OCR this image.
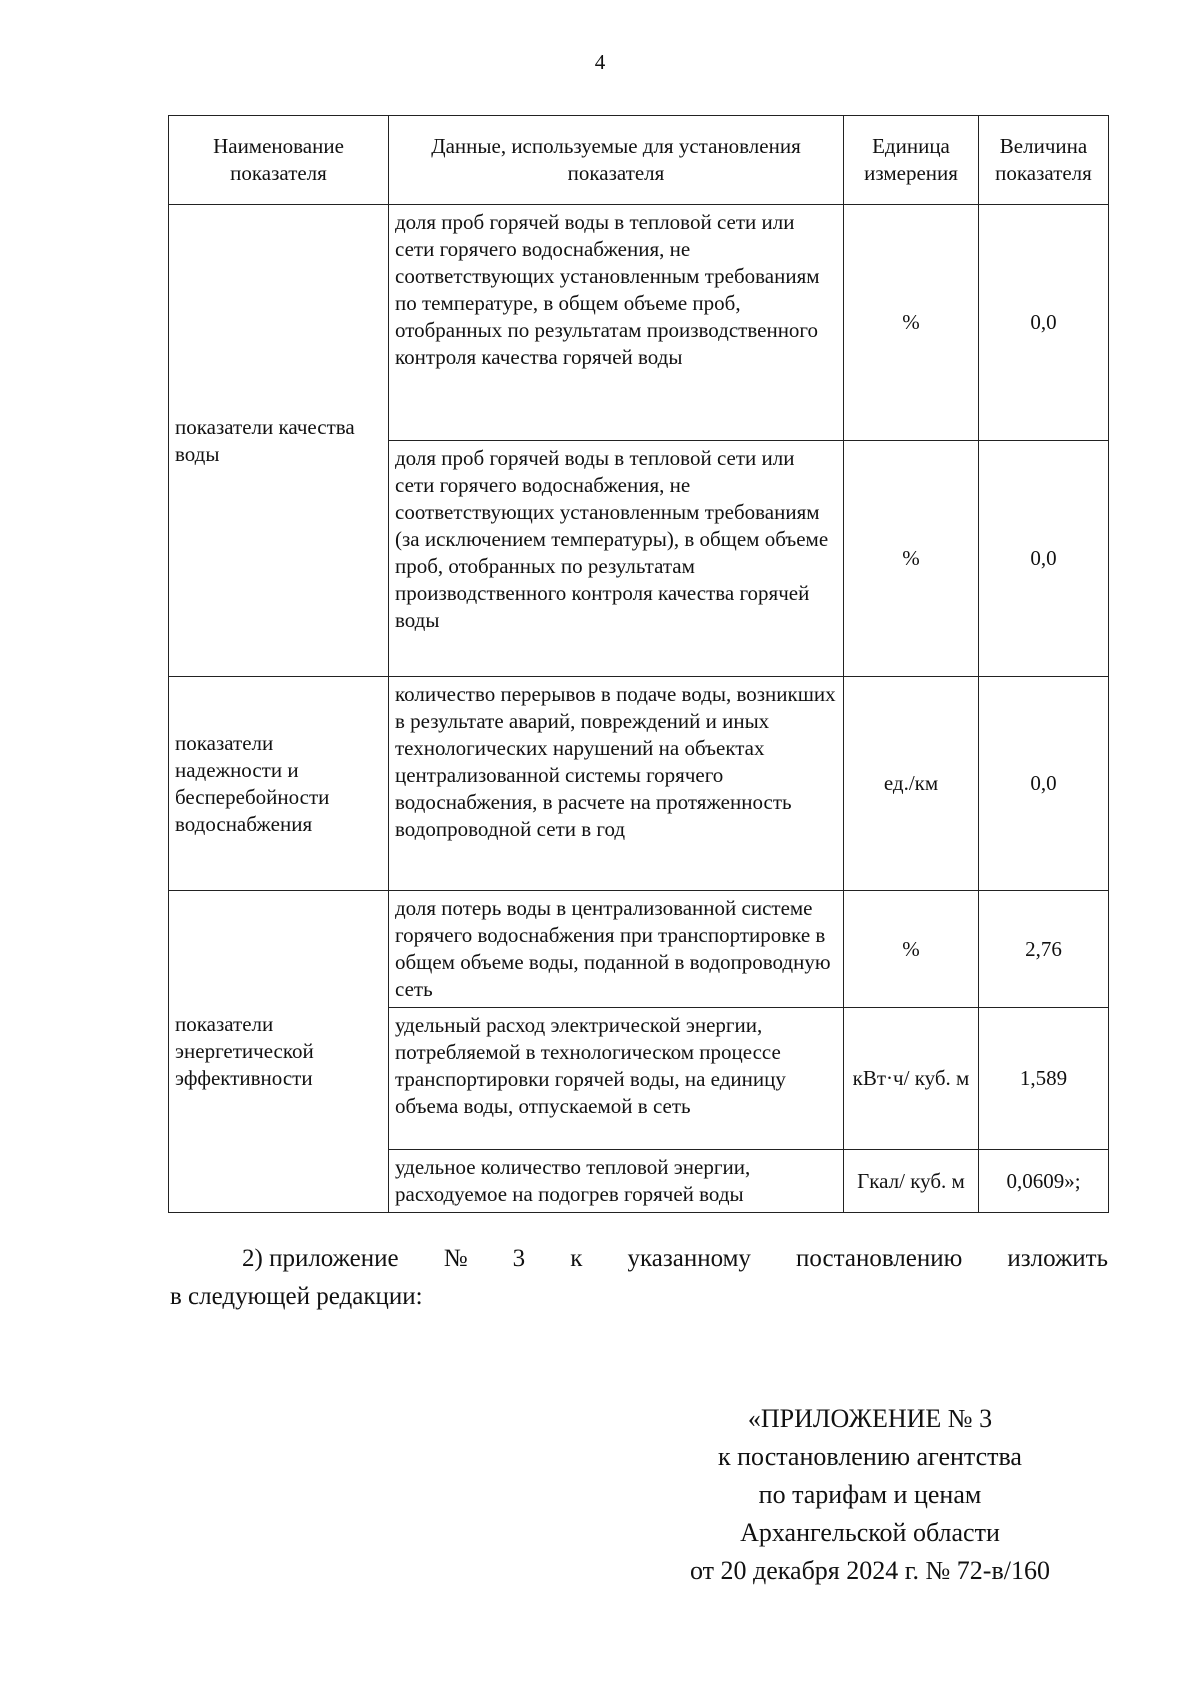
4
Наименование показателя	Данные, используемые для установления показателя	Единица измерения	Величина показателя
показатели качества воды	доля проб горячей воды в тепловой сети или сети горячего водоснабжения, не соответствующих установленным требованиям по температуре, в общем объеме проб, отобранных по результатам производственного контроля качества горячей воды	%	0,0
	доля проб горячей воды в тепловой сети или сети горячего водоснабжения, не соответствующих установленным требованиям (за исключением температуры), в общем объеме проб, отобранных по результатам производственного контроля качества горячей воды	%	0,0
показатели надежности и бесперебойности водоснабжения	количество перерывов в подаче воды, возникших в результате аварий, повреждений и иных технологических нарушений на объектах централизованной системы горячего водоснабжения, в расчете на протяженность водопроводной сети в год	ед./км	0,0
показатели энергетической эффективности	доля потерь воды в централизованной системе горячего водоснабжения при транспортировке в общем объеме воды, поданной в водопроводную сеть	%	2,76
	удельный расход электрической энергии, потребляемой в технологическом процессе транспортировки горячей воды, на единицу объема воды, отпускаемой в сеть	кВт·ч/ куб. м	1,589
	удельное количество тепловой энергии, расходуемое на подогрев горячей воды	Гкал/ куб. м	0,0609»;
2) приложение № 3 к указанному постановлению изложить
в следующей редакции:
«ПРИЛОЖЕНИЕ № 3
к постановлению агентства
по тарифам и ценам
Архангельской области
от 20 декабря 2024 г. № 72-в/160
